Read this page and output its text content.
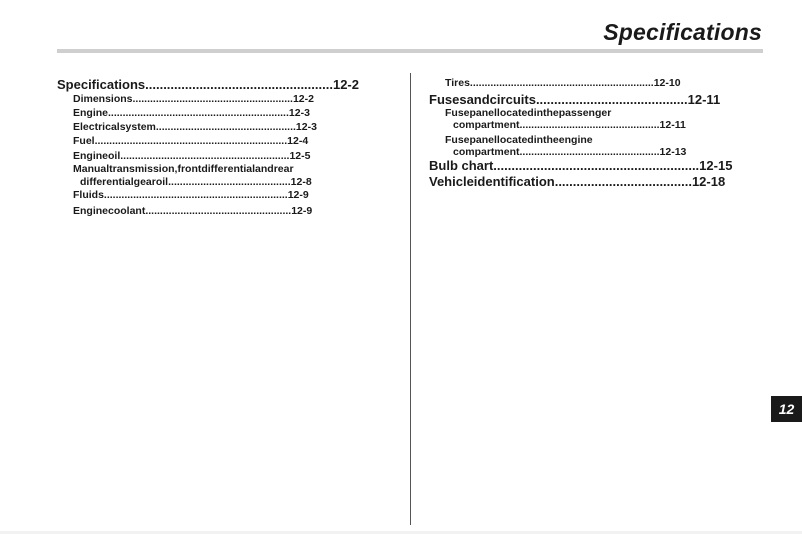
Specifications
Specifications....................................................12-2
Dimensions.......................................................12-2
Engine..............................................................12-3
Electricalsystem................................................12-3
Fuel..................................................................12-4
Engineoil..........................................................12-5
Manualtransmission,frontdifferentialandrear
differentialgearoil..........................................12-8
Fluids...............................................................12-9
Enginecoolant..................................................12-9
Tires...............................................................12-10
Fusesandcircuits..........................................12-11
Fusepanellocatedinthepassenger
compartment................................................12-11
Fusepanellocatedintheengine
compartment................................................12-13
Bulb chart.........................................................12-15
Vehicleidentification......................................12-18
12
